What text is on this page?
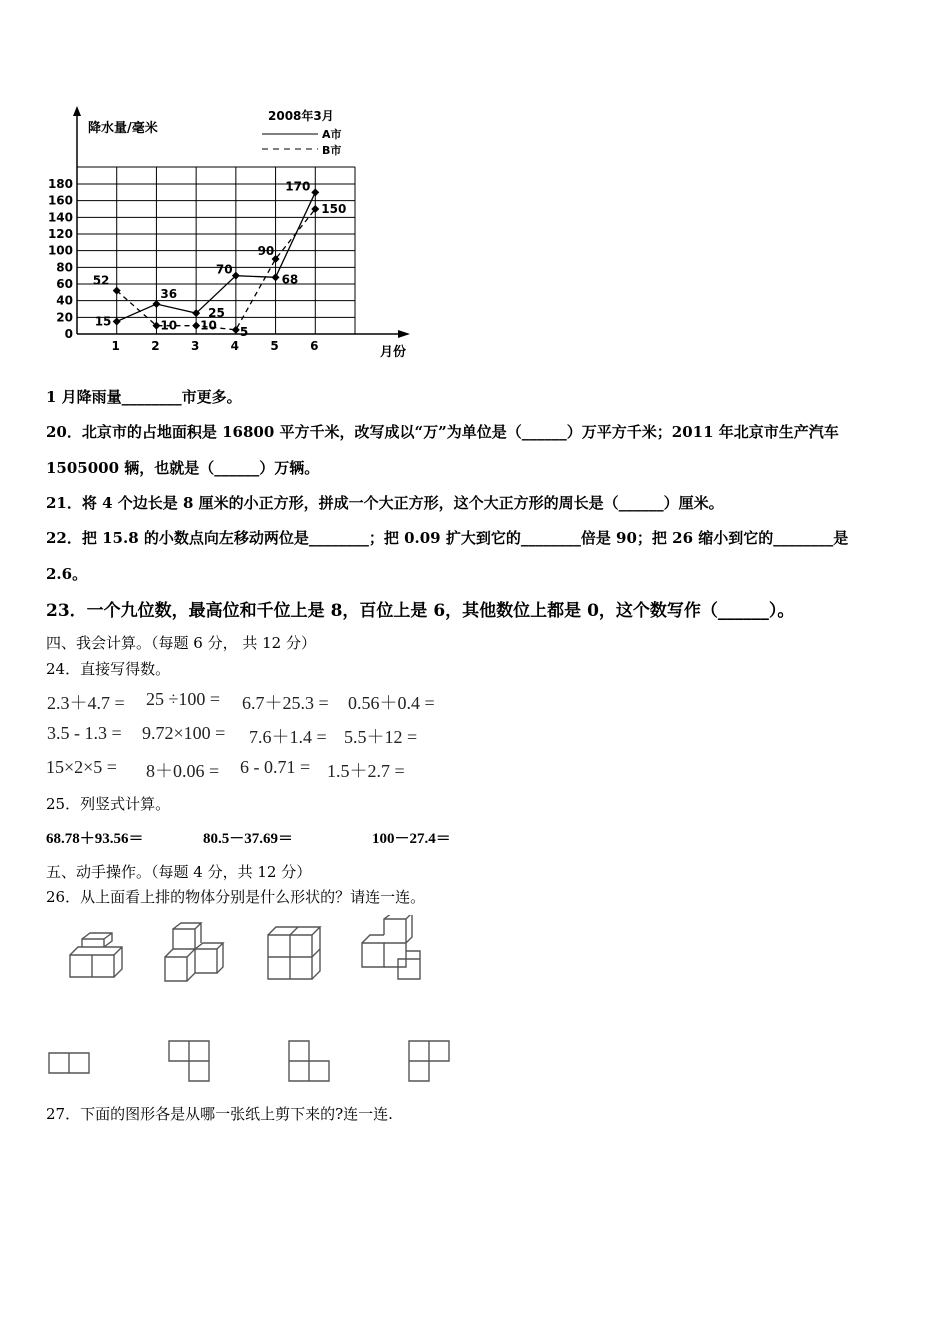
2008年3月
A市
B市
降水量/毫米
月份
0
20
40
60
80
100
120
140
160
180
1	2	3	4	5	6
15
36
25
70
68
170
52
10 10 5
90
150
1 月降雨量________市更多。
20．北京市的占地面积是 16800 平方千米，改写成以“万”为单位是（______）万平方千米；2011 年北京市生产汽车
1505000 辆，也就是（______）万辆。
21．将 4 个边长是 8 厘米的小正方形，拼成一个大正方形，这个大正方形的周长是（______）厘米。
22．把 15.8 的小数点向左移动两位是________；把 0.09 扩大到它的________倍是 90；把 26 缩小到它的________是
2.6。
23．一个九位数，最高位和千位上是 8，百位上是 6，其他数位上都是 0，这个数写作（______）。
四、我会计算。（每题 6 分， 共 12 分）
24．直接写得数。
2.3＋4.7 = 25 ÷100 = 6.7＋25.3 = 0.56＋0.4 =
3.5 - 1.3 = 9.72×100 = 7.6＋1.4 = 5.5＋12 =
15×2×5 = 8＋0.06 = 6 - 0.71 = 1.5＋2.7 =
25．列竖式计算。
68.78＋93.56＝	80.5－37.69＝	100－27.4＝
五、动手操作。（每题 4 分，共 12 分）
26．从上面看上排的物体分别是什么形状的？请连一连。
27．下面的图形各是从哪一张纸上剪下来的?连一连.
